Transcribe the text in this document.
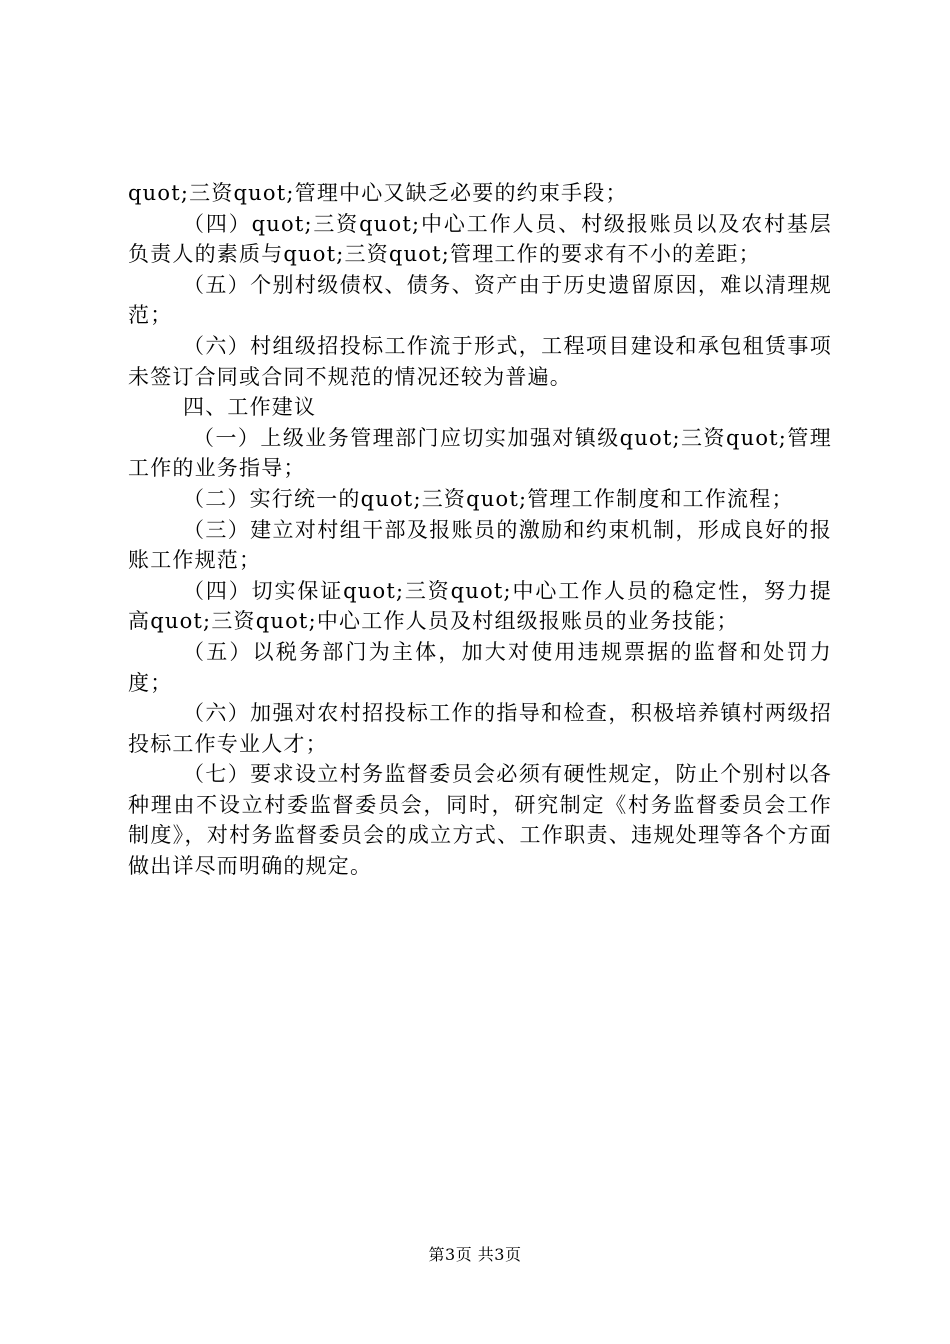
quot;三资quot;管理中心又缺乏必要的约束手段；

（四）quot;三资quot;中心工作人员、村级报账员以及农村基层负责人的素质与quot;三资quot;管理工作的要求有不小的差距；

（五）个别村级债权、债务、资产由于历史遗留原因，难以清理规范；

（六）村组级招投标工作流于形式，工程项目建设和承包租赁事项未签订合同或合同不规范的情况还较为普遍。

四、工作建议

（一）上级业务管理部门应切实加强对镇级quot;三资quot;管理工作的业务指导；

（二）实行统一的quot;三资quot;管理工作制度和工作流程；

（三）建立对村组干部及报账员的激励和约束机制，形成良好的报账工作规范；

（四）切实保证quot;三资quot;中心工作人员的稳定性，努力提高quot;三资quot;中心工作人员及村组级报账员的业务技能；

（五）以税务部门为主体，加大对使用违规票据的监督和处罚力度；

（六）加强对农村招投标工作的指导和检查，积极培养镇村两级招投标工作专业人才；

（七）要求设立村务监督委员会必须有硬性规定，防止个别村以各种理由不设立村委监督委员会，同时，研究制定《村务监督委员会工作制度》，对村务监督委员会的成立方式、工作职责、违规处理等各个方面做出详尽而明确的规定。

第3页 共3页
